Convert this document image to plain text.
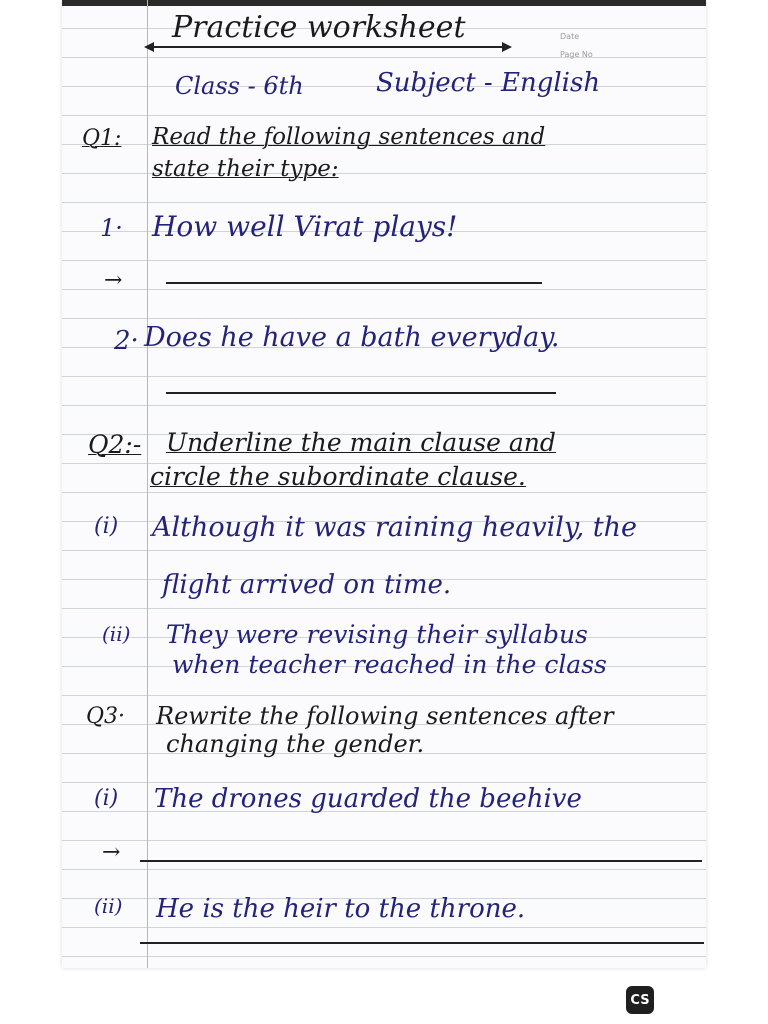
Date
Page No
Practice worksheet
Class - 6th	Subject - English
Q1: Read the following sentences and
state their type:
1· How well Virat plays!
→
2· Does he have a bath everyday.
Q2:- Underline the main clause and
circle the subordinate clause.
(i) Although it was raining heavily, the
flight arrived on time.
(ii) They were revising their syllabus
when teacher reached in the class
Q3· Rewrite the following sentences after
changing the gender.
(i) The drones guarded the beehive
→
(ii) He is the heir to the throne.
CS
